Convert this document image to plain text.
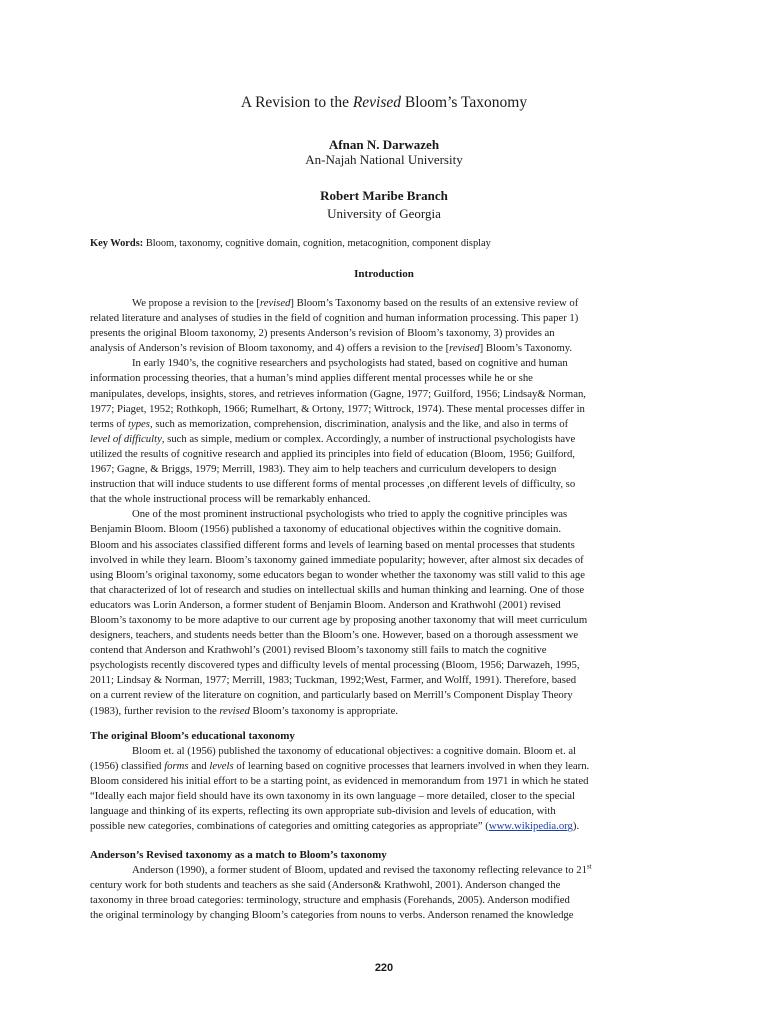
A Revision to the Revised Bloom’s Taxonomy
Afnan N. Darwazeh
An-Najah National University
Robert Maribe Branch
University of Georgia
Key Words: Bloom, taxonomy, cognitive domain, cognition, metacognition, component display
Introduction
We propose a revision to the [revised] Bloom’s Taxonomy based on the results of an extensive review of
related literature and analyses of studies in the field of cognition and human information processing. This paper 1)
presents the original Bloom taxonomy, 2) presents Anderson’s revision of Bloom’s taxonomy, 3) provides an
analysis of Anderson’s revision of Bloom taxonomy, and 4) offers a revision to the [revised] Bloom’s Taxonomy.
In early 1940’s, the cognitive researchers and psychologists had stated, based on cognitive and human
information processing theories, that a human’s mind applies different mental processes while he or she
manipulates, develops, insights, stores, and retrieves information (Gagne, 1977; Guilford, 1956; Lindsay& Norman,
1977; Piaget, 1952; Rothkoph, 1966; Rumelhart, & Ortony, 1977; Wittrock, 1974). These mental processes differ in
terms of types, such as memorization, comprehension, discrimination, analysis and the like, and also in terms of
level of difficulty, such as simple, medium or complex. Accordingly, a number of instructional psychologists have
utilized the results of cognitive research and applied its principles into field of education (Bloom, 1956; Guilford,
1967; Gagne, & Briggs, 1979; Merrill, 1983). They aim to help teachers and curriculum developers to design
instruction that will induce students to use different forms of mental processes ,on different levels of difficulty, so
that the whole instructional process will be remarkably enhanced.
One of the most prominent instructional psychologists who tried to apply the cognitive principles was
Benjamin Bloom. Bloom (1956) published a taxonomy of educational objectives within the cognitive domain.
Bloom and his associates classified different forms and levels of learning based on mental processes that students
involved in while they learn. Bloom’s taxonomy gained immediate popularity; however, after almost six decades of
using Bloom’s original taxonomy, some educators began to wonder whether the taxonomy was still valid to this age
that characterized of lot of research and studies on intellectual skills and human thinking and learning. One of those
educators was Lorin Anderson, a former student of Benjamin Bloom. Anderson and Krathwohl (2001) revised
Bloom’s taxonomy to be more adaptive to our current age by proposing another taxonomy that will meet curriculum
designers, teachers, and students needs better than the Bloom’s one. However, based on a thorough assessment we
contend that Anderson and Krathwohl’s (2001) revised Bloom’s taxonomy still fails to match the cognitive
psychologists recently discovered types and difficulty levels of mental processing (Bloom, 1956; Darwazeh, 1995,
2011; Lindsay & Norman, 1977; Merrill, 1983; Tuckman, 1992;West, Farmer, and Wolff, 1991). Therefore, based
on a current review of the literature on cognition, and particularly based on Merrill’s Component Display Theory
(1983), further revision to the revised Bloom’s taxonomy is appropriate.
The original Bloom’s educational taxonomy
Bloom et. al (1956) published the taxonomy of educational objectives: a cognitive domain. Bloom et. al
(1956) classified forms and levels of learning based on cognitive processes that learners involved in when they learn.
Bloom considered his initial effort to be a starting point, as evidenced in memorandum from 1971 in which he stated
“Ideally each major field should have its own taxonomy in its own language – more detailed, closer to the special
language and thinking of its experts, reflecting its own appropriate sub-division and levels of education, with
possible new categories, combinations of categories and omitting categories as appropriate” (www.wikipedia.org).
Anderson’s Revised taxonomy as a match to Bloom’s taxonomy
Anderson (1990), a former student of Bloom, updated and revised the taxonomy reflecting relevance to 21st
century work for both students and teachers as she said (Anderson& Krathwohl, 2001). Anderson changed the
taxonomy in three broad categories: terminology, structure and emphasis (Forehands, 2005). Anderson modified
the original terminology by changing Bloom’s categories from nouns to verbs. Anderson renamed the knowledge
220
